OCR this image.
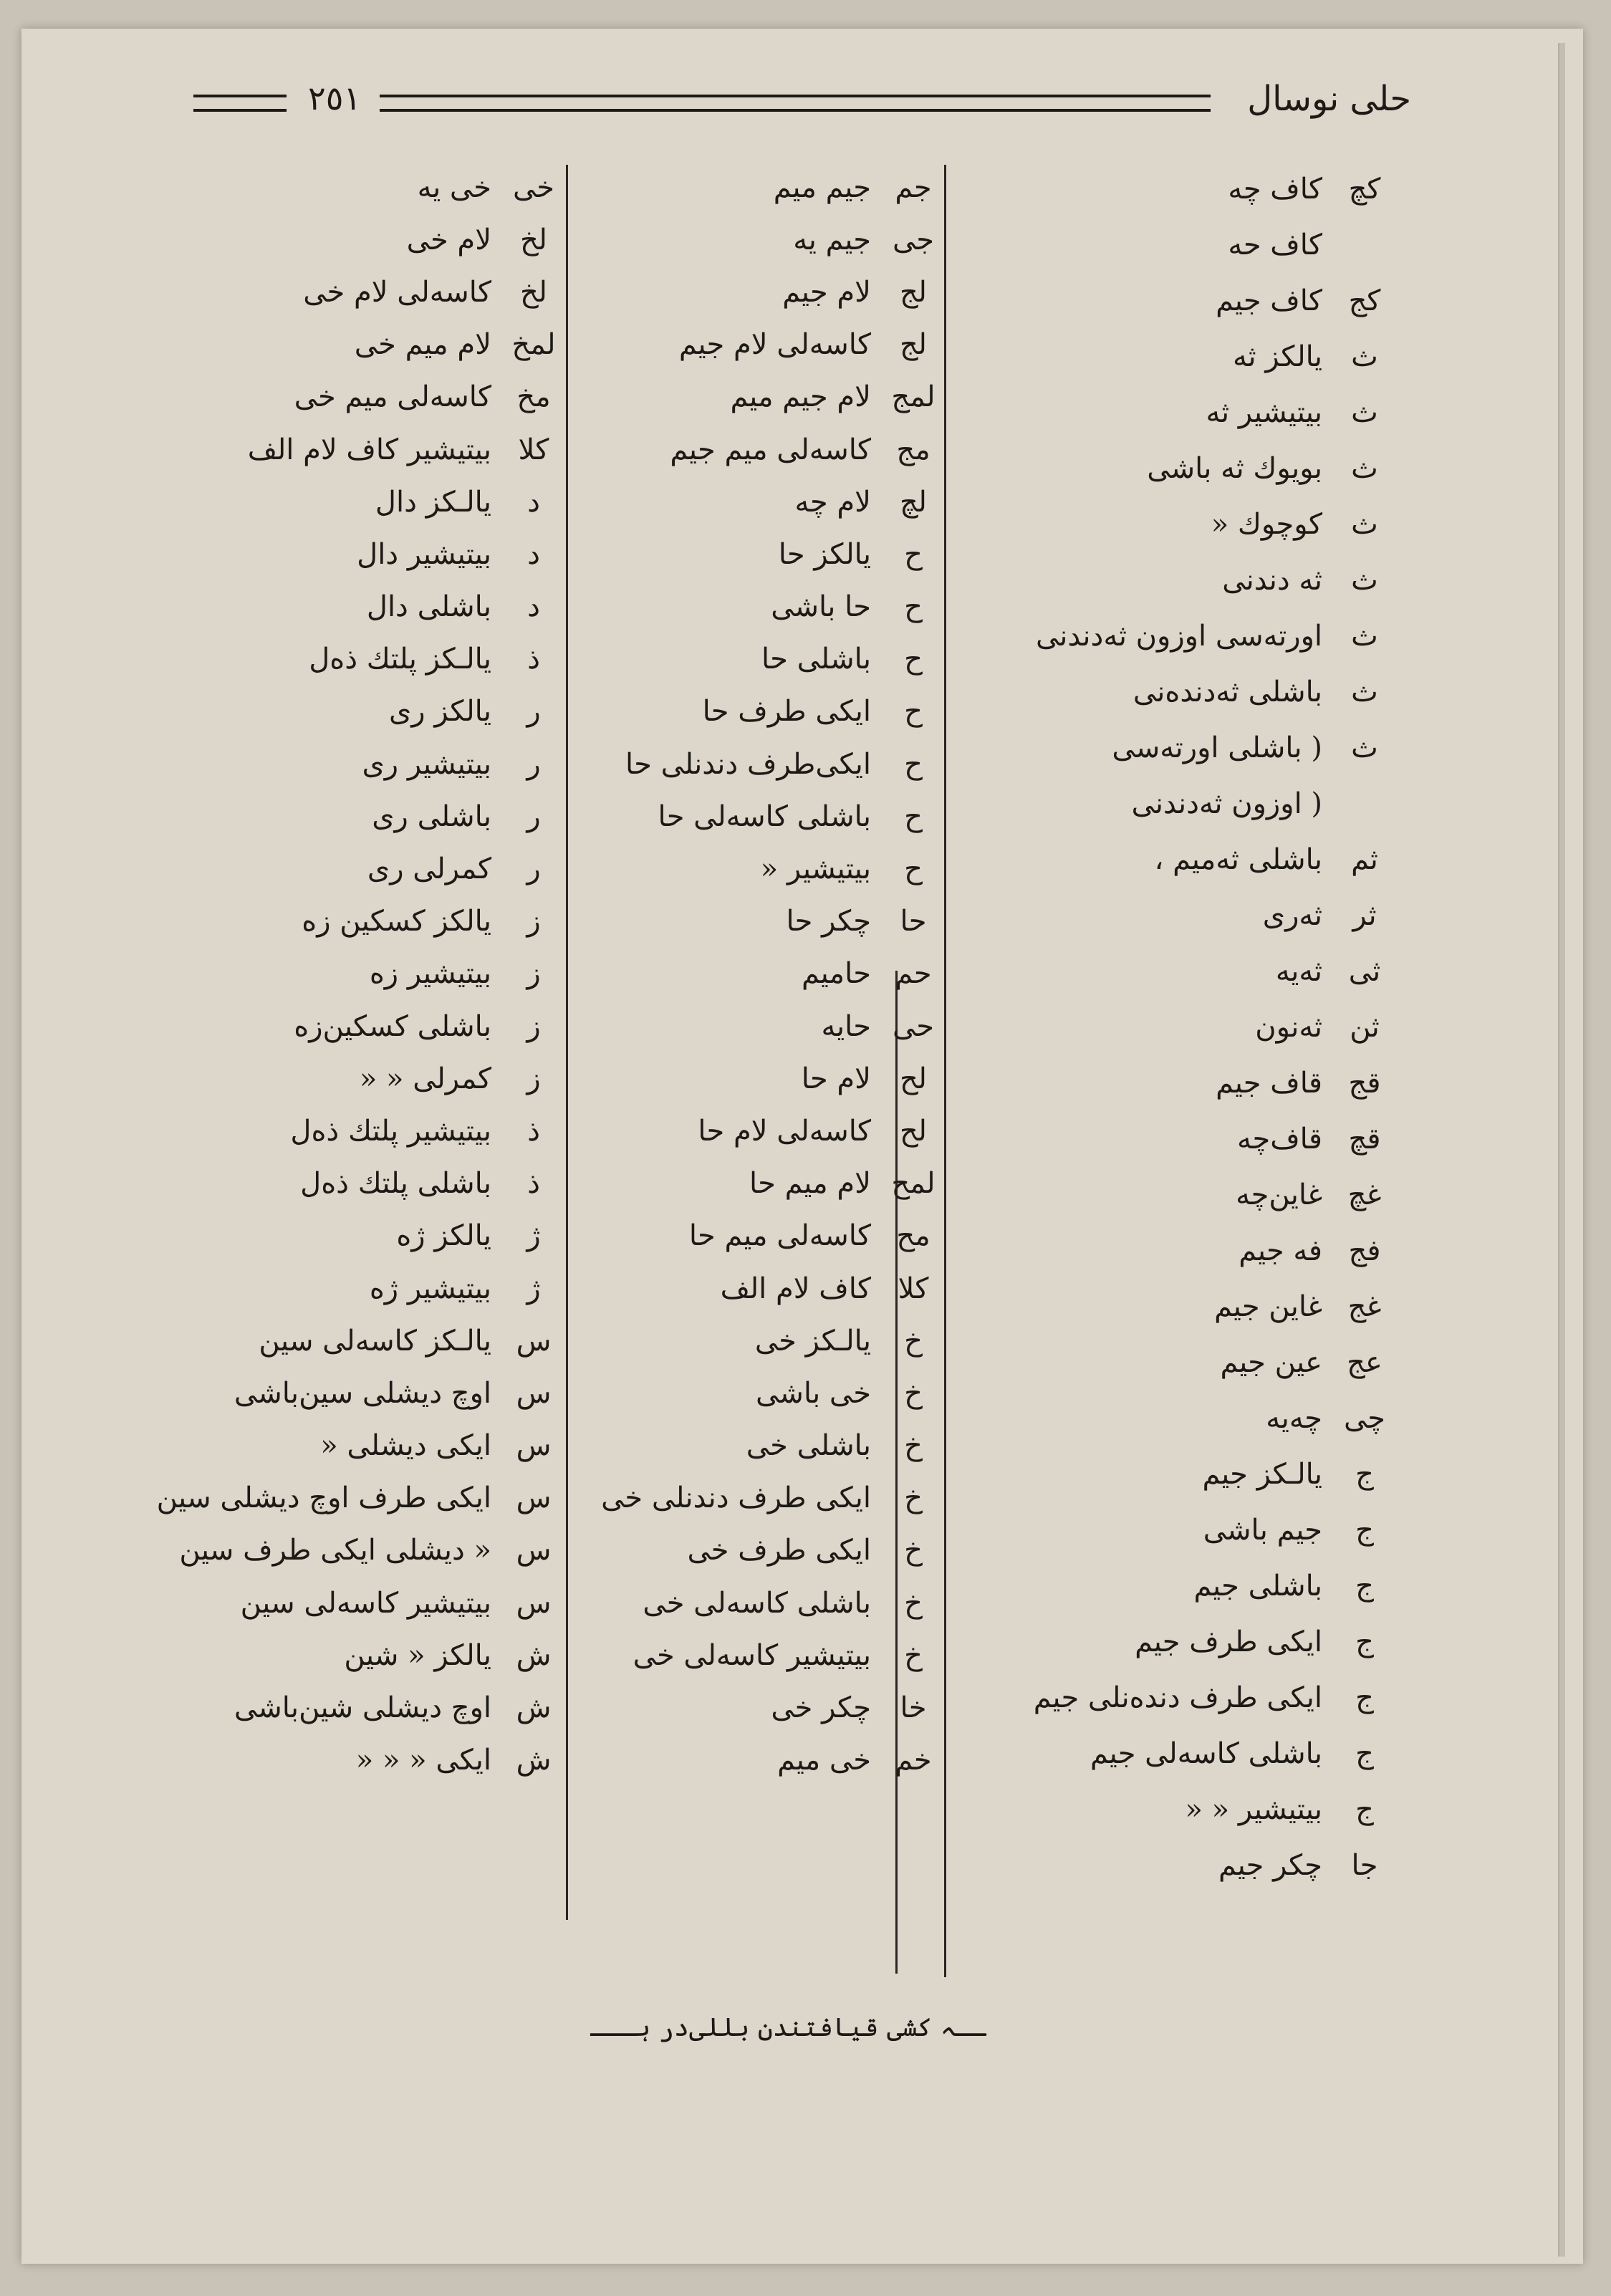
حلی نوسال
٢٥١
کچ
کاف چه
کاف حه
کج
کاف جیم
ث
یالکز ثه
ث
بیتیشیر ثه
ث
بویوك ثه باشی
ث
کوچوك «
ث
ثه دندنی
ث
اورته‌سی اوزون ثه‌دندنی
ث
باشلی ثه‌دنده‌نی
ث
( باشلی اورته‌سی
( اوزون ثه‌دندنی
ثم
باشلی ثه‌میم ،
ثر
ثه‌ری
ثی
ثه‌یه
ثن
ثه‌نون
قج
قاف جیم
قچ
قاف‌چه
غچ
غاین‌چه
فج
فه جیم
غج
غاین جیم
عج
عین جیم
چی
چه‌یه
ج
یالـکز جیم
ج
جیم باشی
ج
باشلی جیم
ج
ایکی طرف جیم
ج
ایکی طرف دنده‌نلی جیم
ج
باشلی کاسه‌لی جیم
ج
بیتیشیر « «
جا
چکر جیم
جم
جیم میم
جی
جیم یه
لج
لام جیم
لج
کاسه‌لی لام جیم
لمج
لام جیم میم
مج
کاسه‌لی میم جیم
لچ
لام چه
ح
یالکز حا
ح
حا باشی
ح
باشلی حا
ح
ایکی طرف حا
ح
ایکی‌طرف دندنلی حا
ح
باشلی کاسه‌لی حا
ح
بیتیشیر «
حا
چکر حا
حم
حامیم
حی
حایه
لح
لام حا
لح
کاسه‌لی لام حا
لمح
لام میم حا
مح
کاسه‌لی میم حا
کلا
کاف لام الف
خ
یالـکز خی
خ
خی باشی
خ
باشلی خی
خ
ایکی طرف دندنلی خی
خ
ایکی طرف خی
خ
باشلی کاسه‌لی خی
خ
بیتیشیر کاسه‌لی خی
خا
چکر خی
خم
خی میم
خی
خی یه
لخ
لام خی
لخ
کاسه‌لی لام خی
لمخ
لام میم خی
مخ
کاسه‌لی میم خی
کلا
بیتیشیر کاف لام الف
د
یالـکز دال
د
بیتیشیر دال
د
باشلی دال
ذ
یالـکز پلتك ذه‌ل
ر
یالکز ری
ر
بیتیشیر ری
ر
باشلی ری
ر
کمرلی ری
ز
یالکز کسکین زه
ز
بیتیشیر زه
ز
باشلی کسکین‌زه
ز
کمرلی « «
ذ
بیتیشیر پلتك ذه‌ل
ذ
باشلی پلتك ذه‌ل
ژ
یالکز ژه
ژ
بیتیشیر ژه
س
یالـکز کاسه‌لی سین
س
اوچ دیشلی سین‌باشی
س
ایکی دیشلی «
س
ایکی طرف اوچ دیشلی سین
س
« دیشلی ایکی طرف سین
س
بیتیشیر کاسه‌لی سین
ش
یالکز « شین
ش
اوچ دیشلی شین‌باشی
ش
ایکی « « «
ــہ کشی قیافتندن بللی‌در ہـــ
